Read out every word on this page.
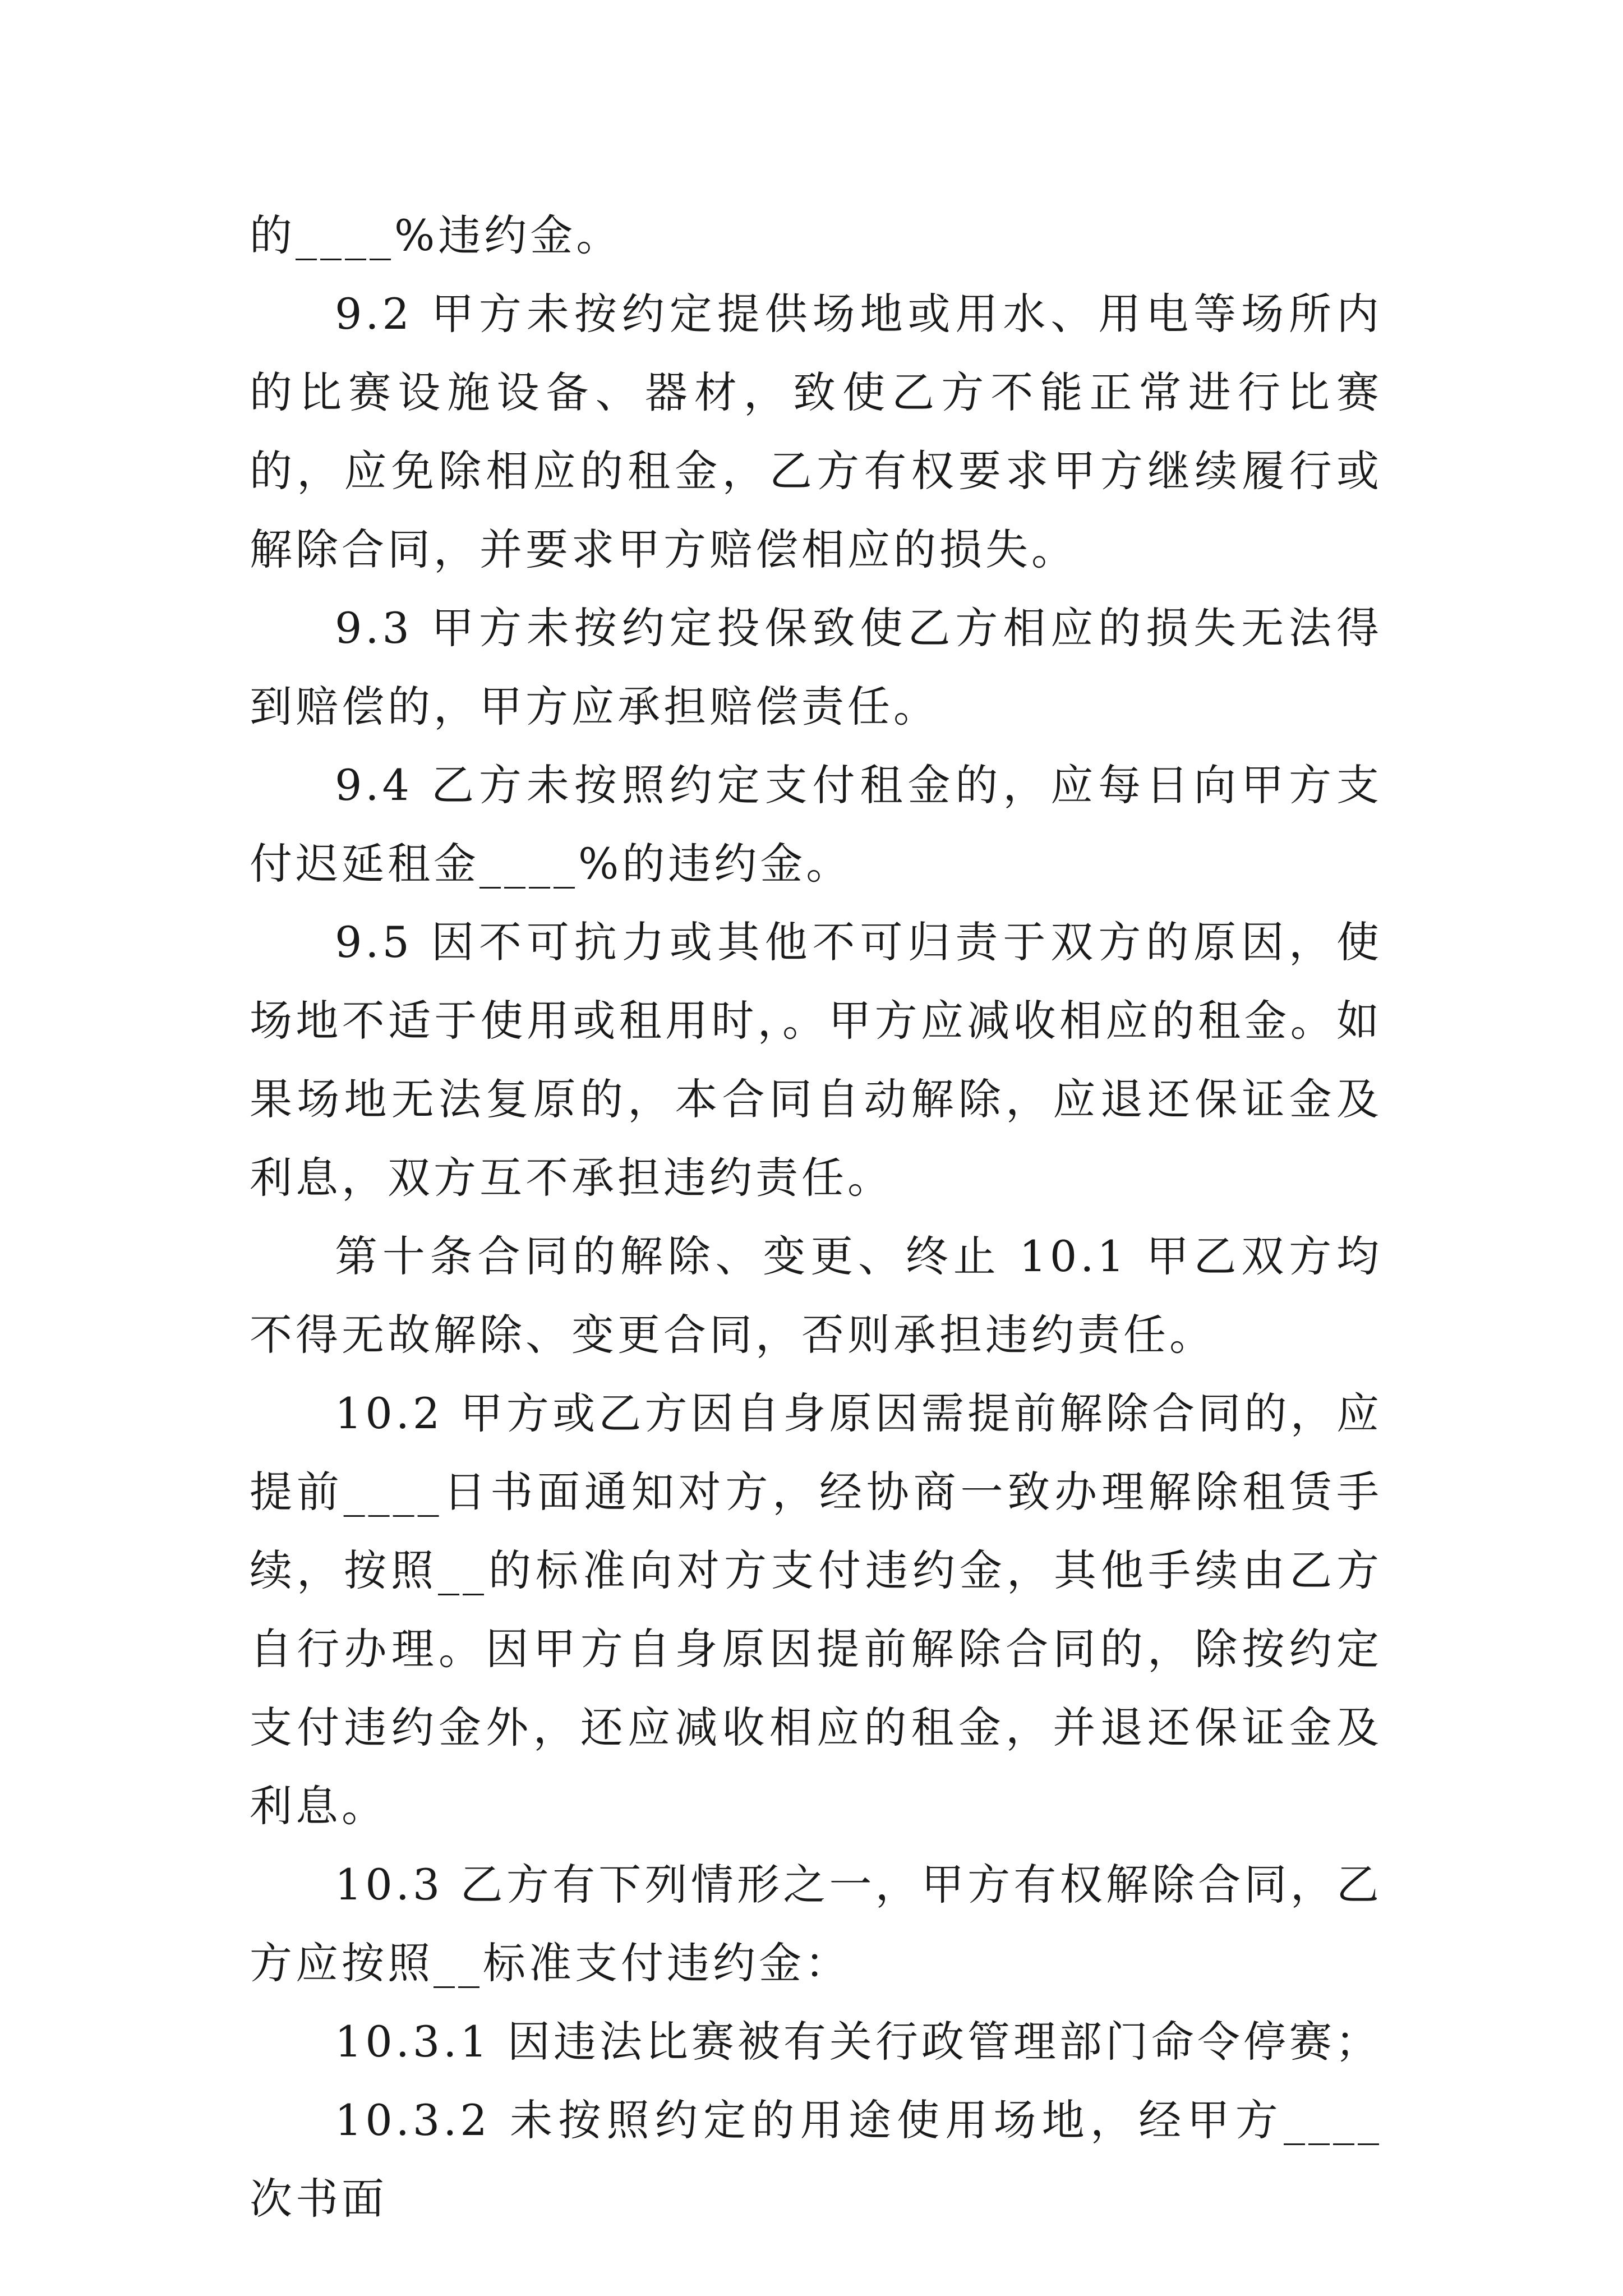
的____%违约金。

9.2 甲方未按约定提供场地或用水、用电等场所内的比赛设施设备、器材，致使乙方不能正常进行比赛的，应免除相应的租金，乙方有权要求甲方继续履行或解除合同，并要求甲方赔偿相应的损失。

9.3 甲方未按约定投保致使乙方相应的损失无法得到赔偿的，甲方应承担赔偿责任。

9.4 乙方未按照约定支付租金的，应每日向甲方支付迟延租金____%的违约金。

9.5 因不可抗力或其他不可归责于双方的原因，使场地不适于使用或租用时，。甲方应减收相应的租金。如果场地无法复原的，本合同自动解除，应退还保证金及利息，双方互不承担违约责任。

第十条合同的解除、变更、终止 10.1 甲乙双方均不得无故解除、变更合同，否则承担违约责任。

10.2 甲方或乙方因自身原因需提前解除合同的，应提前____日书面通知对方，经协商一致办理解除租赁手续，按照__的标准向对方支付违约金，其他手续由乙方自行办理。因甲方自身原因提前解除合同的，除按约定支付违约金外，还应减收相应的租金，并退还保证金及利息。

10.3 乙方有下列情形之一，甲方有权解除合同，乙方应按照__标准支付违约金：

10.3.1 因违法比赛被有关行政管理部门命令停赛；

10.3.2 未按照约定的用途使用场地，经甲方____次书面
